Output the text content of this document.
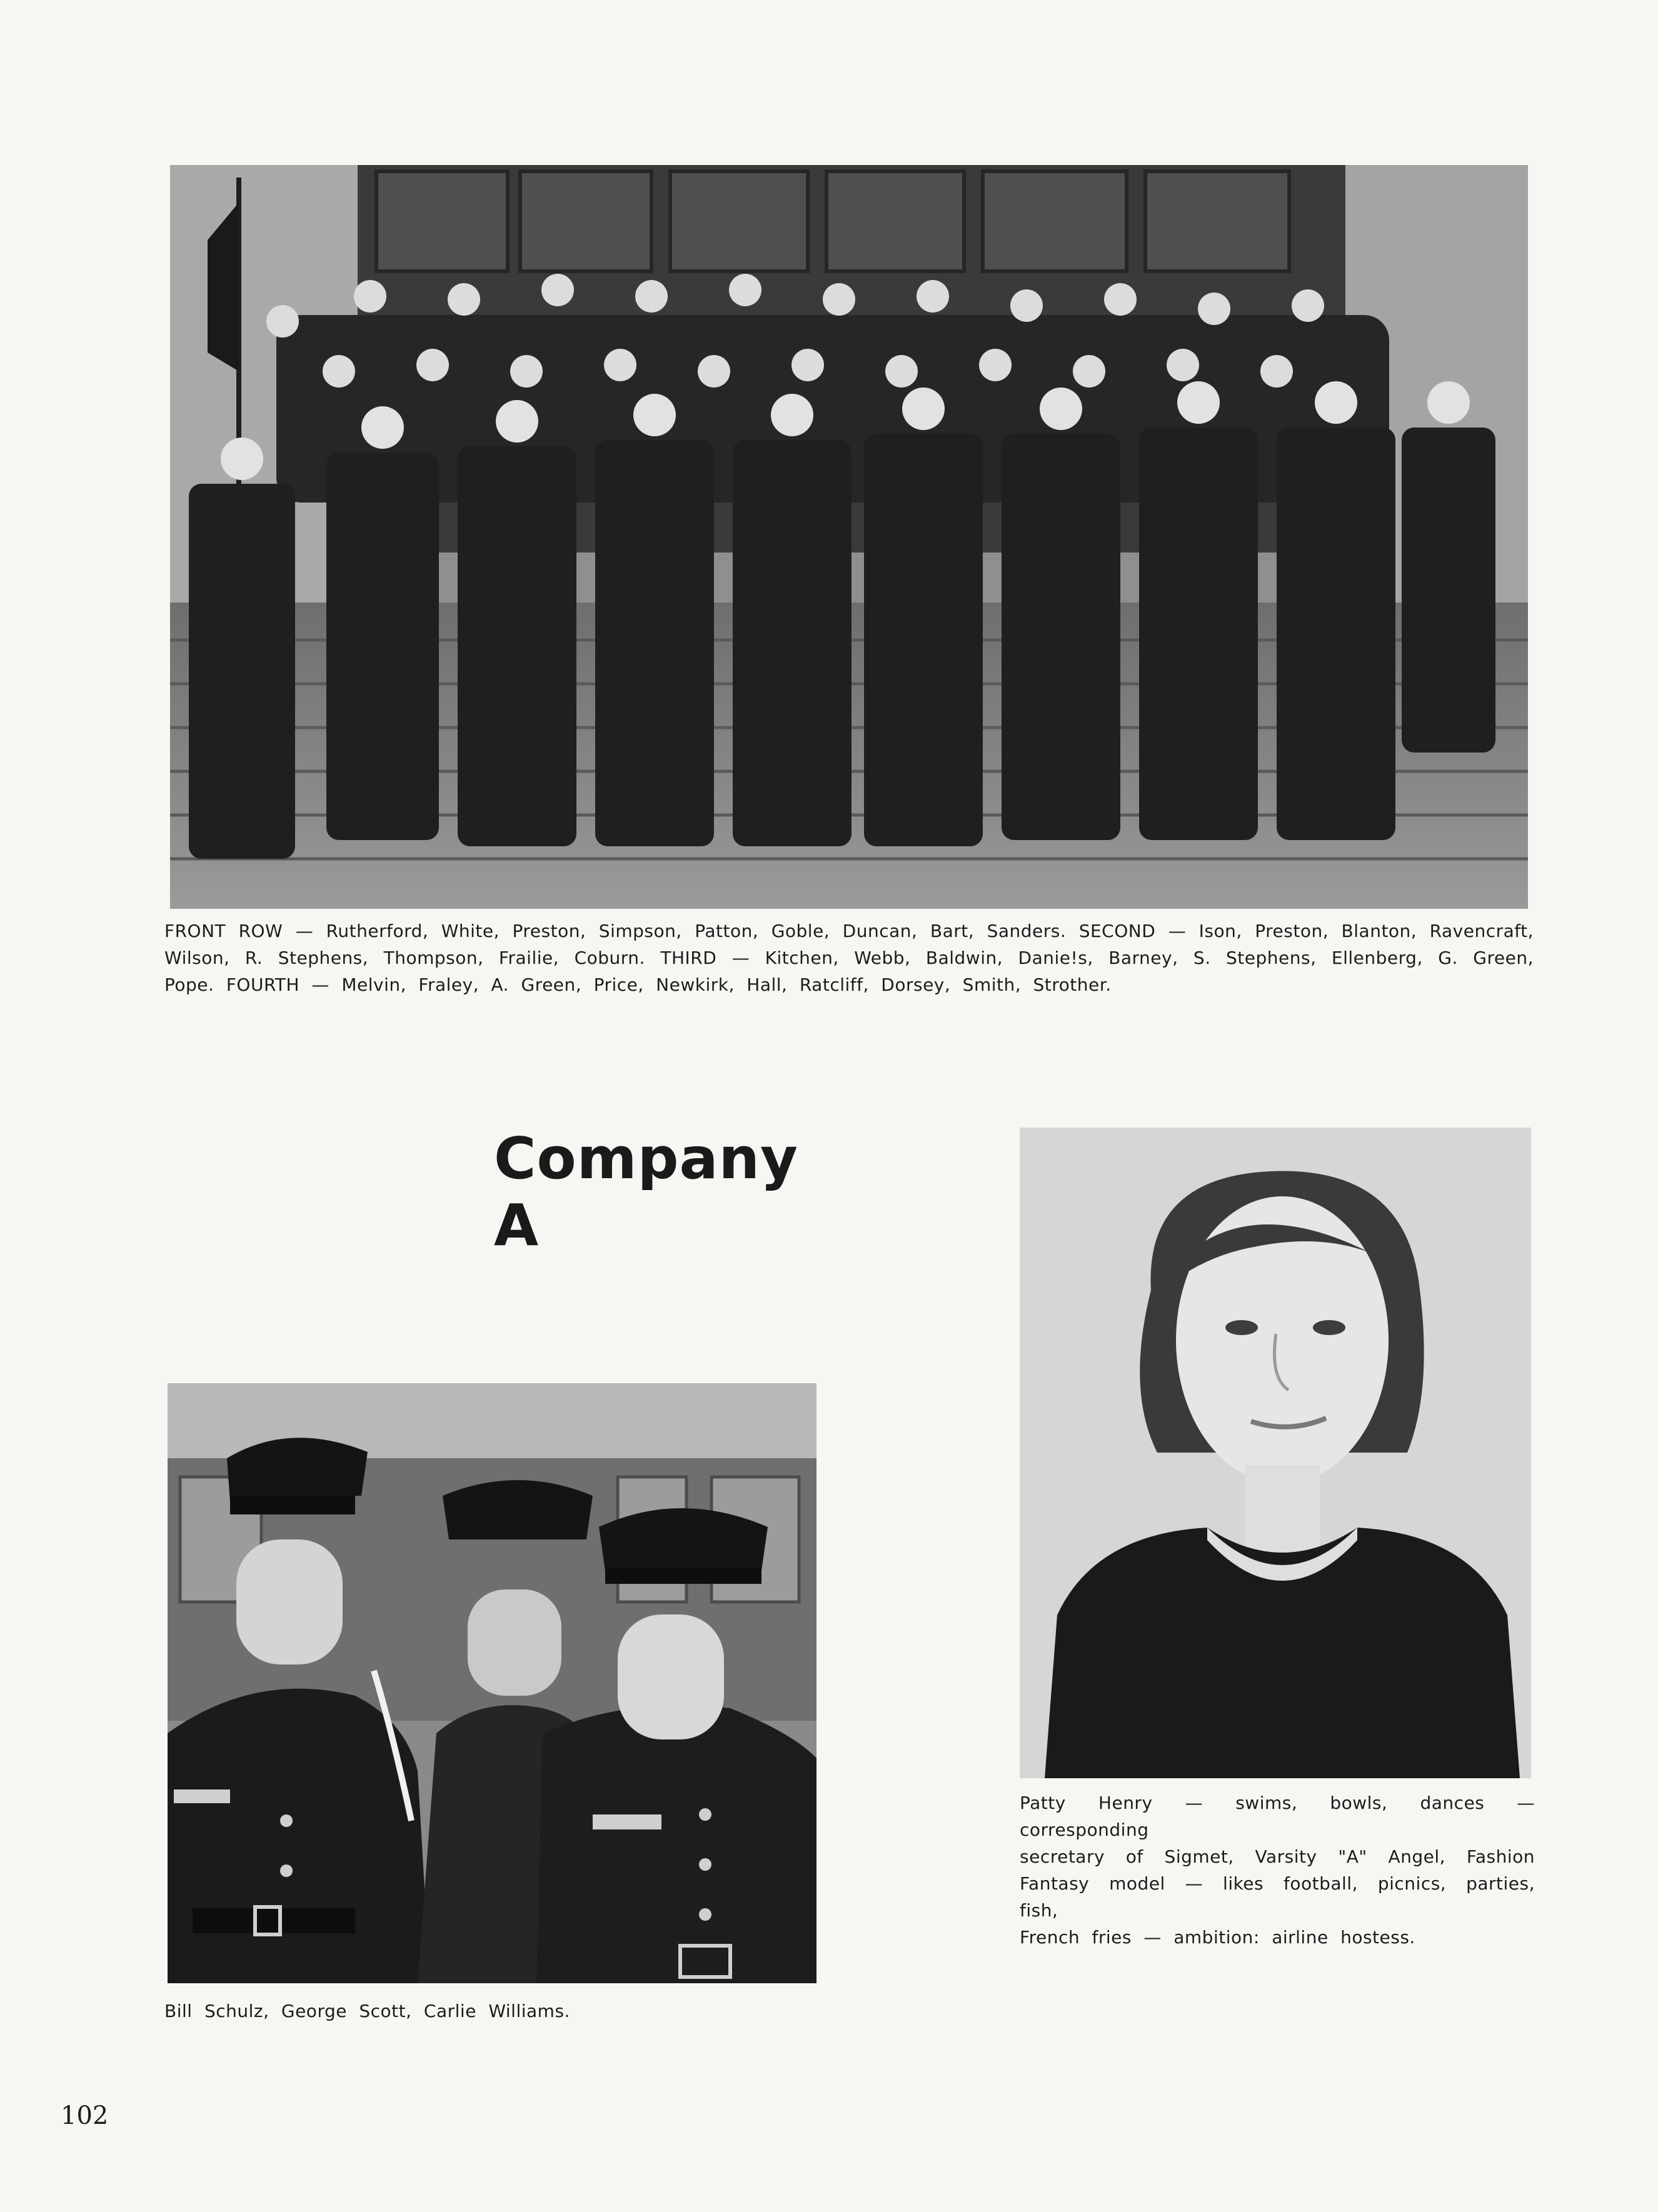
FRONT ROW — Rutherford, White, Preston, Simpson, Patton, Goble, Duncan, Bart, Sanders. SECOND — Ison, Preston, Blanton, Ravencraft,
Wilson, R. Stephens, Thompson, Frailie, Coburn. THIRD — Kitchen, Webb, Baldwin, Danie!s, Barney, S. Stephens, Ellenberg, G. Green,
Pope. FOURTH — Melvin, Fraley, A. Green, Price, Newkirk, Hall, Ratcliff, Dorsey, Smith, Strother.

Company A

Bill Schulz, George Scott, Carlie Williams.

Patty Henry — swims, bowls, dances — corresponding
secretary of Sigmet, Varsity "A" Angel, Fashion
Fantasy model — likes football, picnics, parties, fish,
French fries — ambition: airline hostess.

102
